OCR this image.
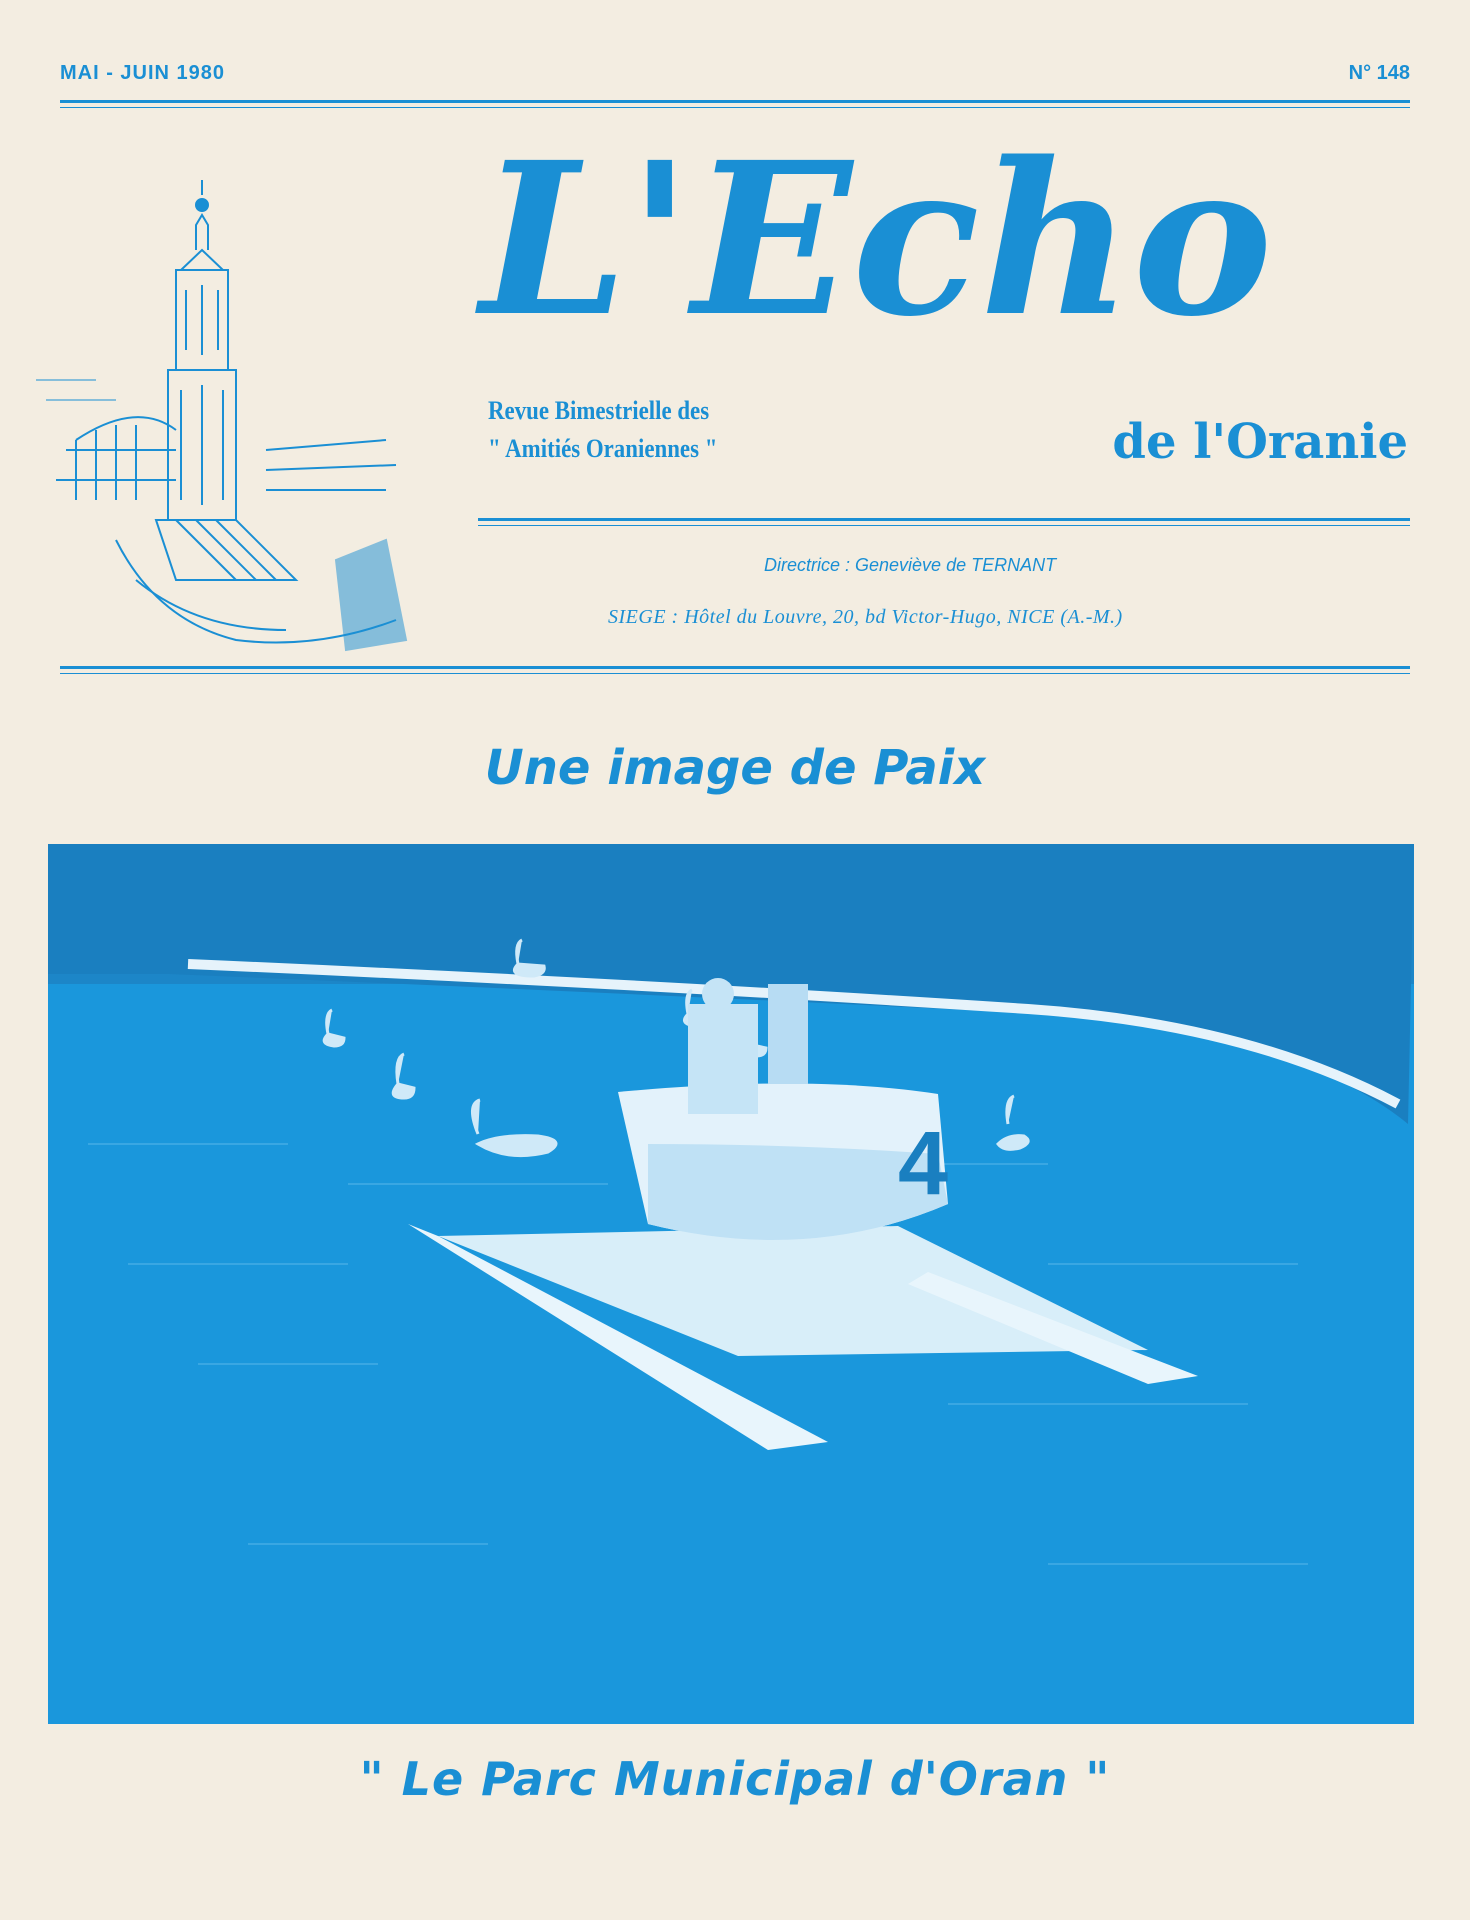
MAI - JUIN 1980	N° 148
L'Echo
Revue Bimestrielle des
" Amitiés Oraniennes "	de l'Oranie
Directrice : Geneviève de TERNANT
SIEGE : Hôtel du Louvre, 20, bd Victor-Hugo, NICE (A.-M.)
Une image de Paix
4
" Le Parc Municipal d'Oran "
